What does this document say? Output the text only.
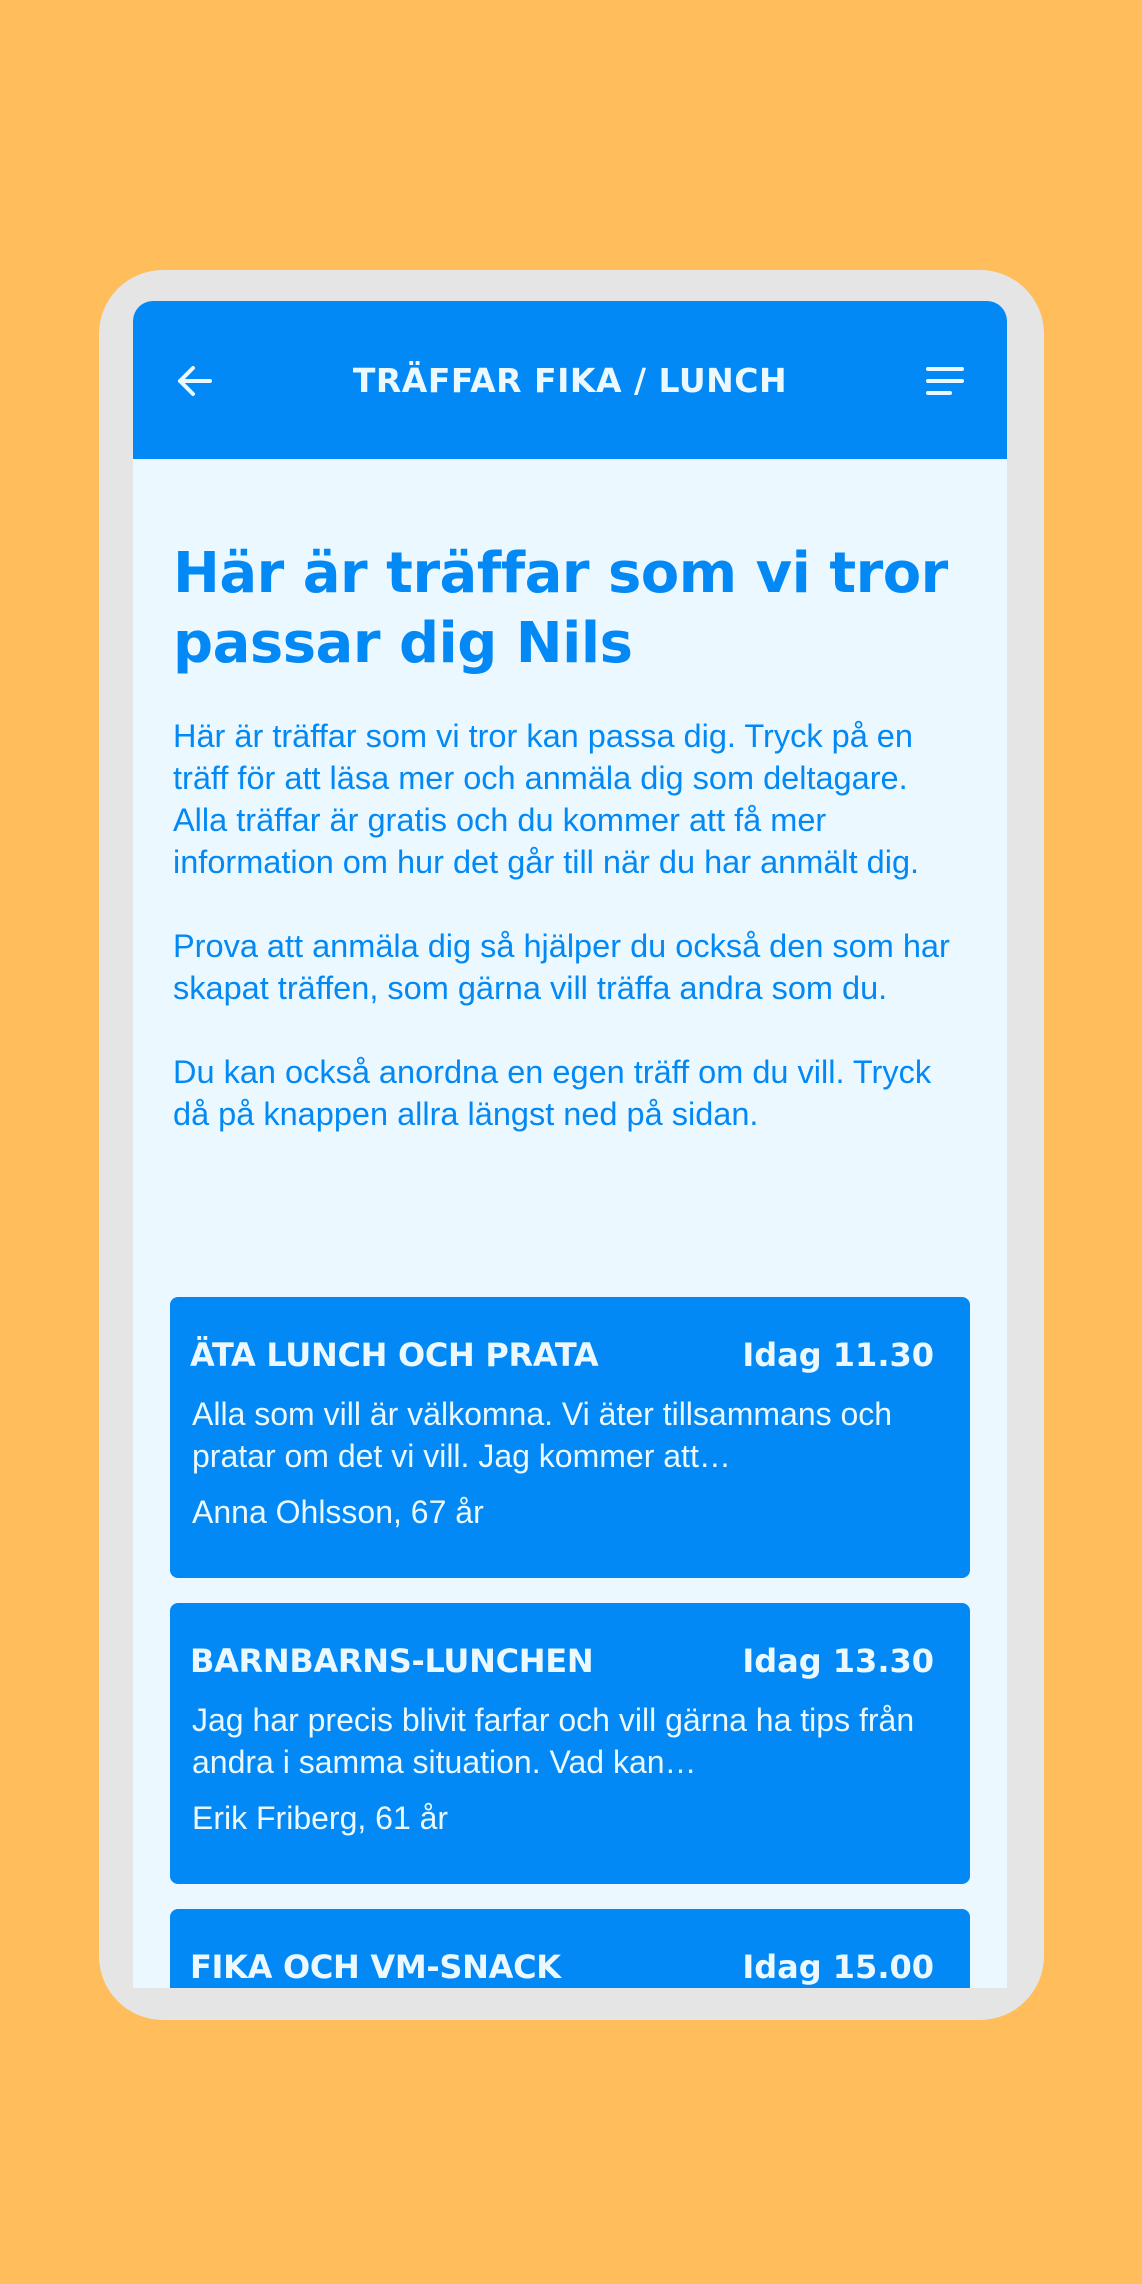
TRÄFFAR FIKA / LUNCH
Här är träffar som vi tror passar dig Nils

Här är träffar som vi tror kan passa dig. Tryck på en träff för att läsa mer och anmäla dig som deltagare. Alla träffar är gratis och du kommer att få mer information om hur det går till när du har anmält dig.

Prova att anmäla dig så hjälper du också den som har skapat träffen, som gärna vill träffa andra som du.

Du kan också anordna en egen träff om du vill. Tryck då på knappen allra längst ned på sidan.

ÄTA LUNCH OCH PRATA	Idag 11.30
Alla som vill är välkomna. Vi äter tillsammans och pratar om det vi vill. Jag kommer att…
Anna Ohlsson, 67 år
BARNBARNS-LUNCHEN	Idag 13.30
Jag har precis blivit farfar och vill gärna ha tips från andra i samma situation. Vad kan…
Erik Friberg, 61 år
FIKA OCH VM-SNACK	Idag 15.00
